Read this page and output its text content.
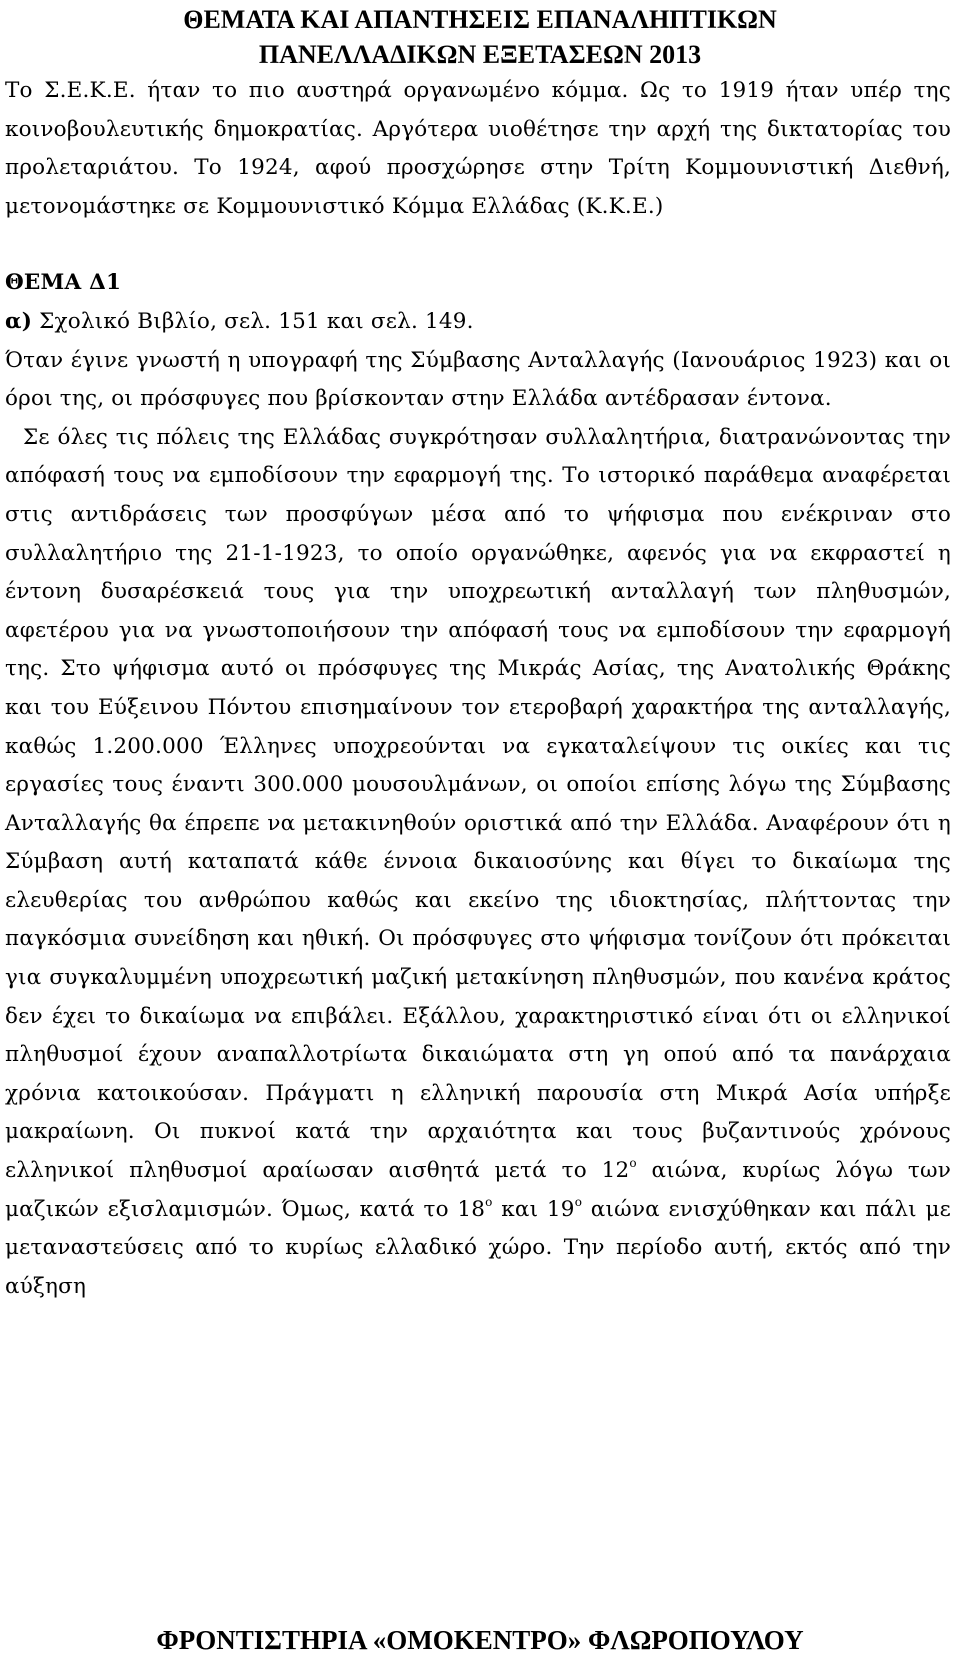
ΘΕΜΑΤΑ ΚΑΙ ΑΠΑΝΤΗΣΕΙΣ ΕΠΑΝΑΛΗΠΤΙΚΩΝ
ΠΑΝΕΛΛΑΔΙΚΩΝ ΕΞΕΤΑΣΕΩΝ 2013

Το Σ.Ε.Κ.Ε. ήταν το πιο αυστηρά οργανωμένο κόμμα. Ως το 1919 ήταν υπέρ της κοινοβουλευτικής δημοκρατίας. Αργότερα υιοθέτησε την αρχή της δικτατορίας του προλεταριάτου. Το 1924, αφού προσχώρησε στην Τρίτη Κομμουνιστική Διεθνή, μετονομάστηκε σε Κομμουνιστικό Κόμμα Ελλάδας (Κ.Κ.Ε.)

ΘΕΜΑ Δ1

α) Σχολικό Βιβλίο, σελ. 151 και σελ. 149.

Όταν έγινε γνωστή η υπογραφή της Σύμβασης Ανταλλαγής (Ιανουάριος 1923) και οι όροι της, οι πρόσφυγες που βρίσκονταν στην Ελλάδα αντέδρασαν έντονα.

Σε όλες τις πόλεις της Ελλάδας συγκρότησαν συλλαλητήρια, διατρανώνοντας την απόφασή τους να εμποδίσουν την εφαρμογή της. Το ιστορικό παράθεμα αναφέρεται στις αντιδράσεις των προσφύγων μέσα από το ψήφισμα που ενέκριναν στο συλλαλητήριο της 21-1-1923, το οποίο οργανώθηκε, αφενός για να εκφραστεί η έντονη δυσαρέσκειά τους για την υποχρεωτική ανταλλαγή των πληθυσμών, αφετέρου για να γνωστοποιήσουν την απόφασή τους να εμποδίσουν την εφαρμογή της. Στο ψήφισμα αυτό οι πρόσφυγες της Μικράς Ασίας, της Ανατολικής Θράκης και του Εύξεινου Πόντου επισημαίνουν τον ετεροβαρή χαρακτήρα της ανταλλαγής, καθώς 1.200.000 Έλληνες υποχρεούνται να εγκαταλείψουν τις οικίες και τις εργασίες τους έναντι 300.000 μουσουλμάνων, οι οποίοι επίσης λόγω της Σύμβασης Ανταλλαγής θα έπρεπε να μετακινηθούν οριστικά από την Ελλάδα. Αναφέρουν ότι η Σύμβαση αυτή καταπατά κάθε έννοια δικαιοσύνης και θίγει το δικαίωμα της ελευθερίας του ανθρώπου καθώς και εκείνο της ιδιοκτησίας, πλήττοντας την παγκόσμια συνείδηση και ηθική. Οι πρόσφυγες στο ψήφισμα τονίζουν ότι πρόκειται για συγκαλυμμένη υποχρεωτική μαζική μετακίνηση πληθυσμών, που κανένα κράτος δεν έχει το δικαίωμα να επιβάλει. Εξάλλου, χαρακτηριστικό είναι ότι οι ελληνικοί πληθυσμοί έχουν αναπαλλοτρίωτα δικαιώματα στη γη οπού από τα πανάρχαια χρόνια κατοικούσαν. Πράγματι η ελληνική παρουσία στη Μικρά Ασία υπήρξε μακραίωνη. Οι πυκνοί κατά την αρχαιότητα και τους βυζαντινούς χρόνους ελληνικοί πληθυσμοί αραίωσαν αισθητά μετά το $12^o$ αιώνα, κυρίως λόγω των μαζικών εξισλαμισμών. Όμως, κατά το $18^o$ και $19^o$ αιώνα ενισχύθηκαν και πάλι με μεταναστεύσεις από το κυρίως ελλαδικό χώρο. Την περίοδο αυτή, εκτός από την αύξηση

ΦΡΟΝΤΙΣΤΗΡΙΑ «ΟΜΟΚΕΝΤΡΟ» ΦΛΩΡΟΠΟΥΛΟΥ
